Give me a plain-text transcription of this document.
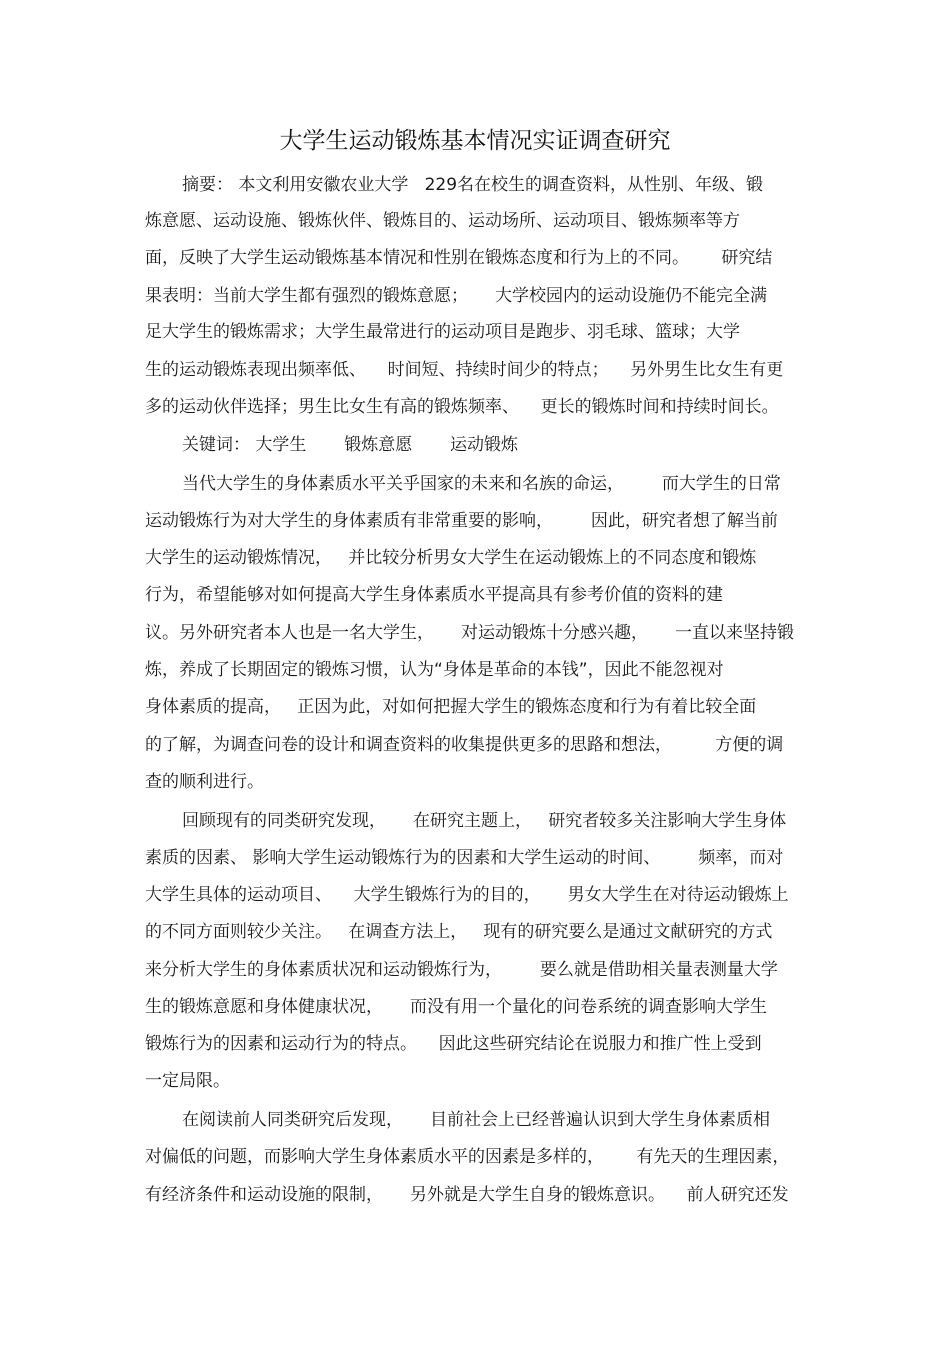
大学生运动锻炼基本情况实证调查研究
摘要： 本文利用安徽农业大学   229名在校生的调查资料，从性别、年级、锻
炼意愿、运动设施、锻炼伙伴、锻炼目的、运动场所、运动项目、锻炼频率等方
面，反映了大学生运动锻炼基本情况和性别在锻炼态度和行为上的不同。      研究结
果表明：当前大学生都有强烈的锻炼意愿；     大学校园内的运动设施仍不能完全满
足大学生的锻炼需求；大学生最常进行的运动项目是跑步、羽毛球、篮球；大学
生的运动锻炼表现出频率低、    时间短、持续时间少的特点；    另外男生比女生有更
多的运动伙伴选择；男生比女生有高的锻炼频率、    更长的锻炼时间和持续时间长。
关键词： 大学生       锻炼意愿       运动锻炼
当代大学生的身体素质水平关乎国家的未来和名族的命运，       而大学生的日常
运动锻炼行为对大学生的身体素质有非常重要的影响，       因此，研究者想了解当前
大学生的运动锻炼情况，   并比较分析男女大学生在运动锻炼上的不同态度和锻炼
行为，希望能够对如何提高大学生身体素质水平提高具有参考价值的资料的建
议。另外研究者本人也是一名大学生，     对运动锻炼十分感兴趣，     一直以来坚持锻
炼，养成了长期固定的锻炼习惯，认为“身体是革命的本钱”，因此不能忽视对
身体素质的提高，   正因为此，对如何把握大学生的锻炼态度和行为有着比较全面
的了解，为调查问卷的设计和调查资料的收集提供更多的思路和想法，        方便的调
查的顺利进行。
回顾现有的同类研究发现，     在研究主题上，   研究者较多关注影响大学生身体
素质的因素、 影响大学生运动锻炼行为的因素和大学生运动的时间、       频率，而对
大学生具体的运动项目、    大学生锻炼行为的目的，     男女大学生在对待运动锻炼上
的不同方面则较少关注。   在调查方法上，   现有的研究要么是通过文献研究的方式
来分析大学生的身体素质状况和运动锻炼行为，       要么就是借助相关量表测量大学
生的锻炼意愿和身体健康状况，     而没有用一个量化的问卷系统的调查影响大学生
锻炼行为的因素和运动行为的特点。    因此这些研究结论在说服力和推广性上受到
一定局限。
在阅读前人同类研究后发现，     目前社会上已经普遍认识到大学生身体素质相
对偏低的问题，而影响大学生身体素质水平的因素是多样的，      有先天的生理因素，
有经济条件和运动设施的限制，     另外就是大学生自身的锻炼意识。    前人研究还发
